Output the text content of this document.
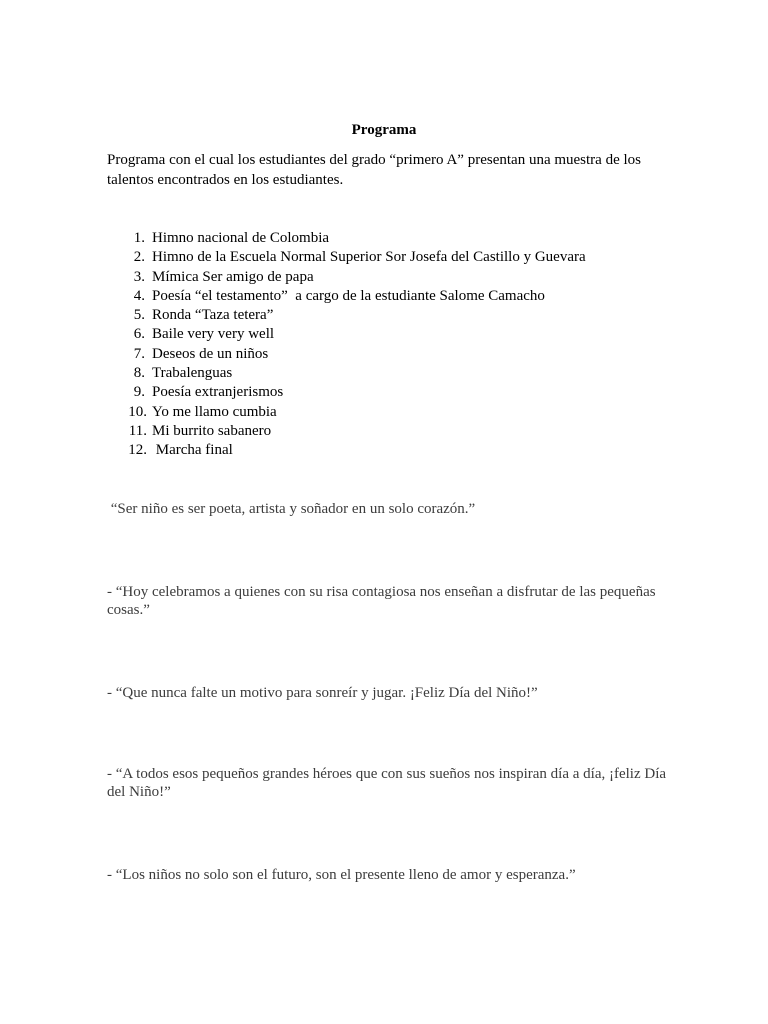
Programa
Programa con el cual los estudiantes del grado “primero A” presentan una muestra de los talentos encontrados en los estudiantes.
1. Himno nacional de Colombia
2. Himno de la Escuela Normal Superior Sor Josefa del Castillo y Guevara
3. Mímica Ser amigo de papa
4. Poesía “el testamento”  a cargo de la estudiante Salome Camacho
5. Ronda “Taza tetera”
6. Baile very very well
7. Deseos de un niños
8. Trabalenguas
9. Poesía extranjerismos
10. Yo me llamo cumbia
11. Mi burrito sabanero
12. Marcha final
“Ser niño es ser poeta, artista y soñador en un solo corazón.”
- “Hoy celebramos a quienes con su risa contagiosa nos enseñan a disfrutar de las pequeñas cosas.”
- “Que nunca falte un motivo para sonreír y jugar. ¡Feliz Día del Niño!”
- “A todos esos pequeños grandes héroes que con sus sueños nos inspiran día a día, ¡feliz Día del Niño!”
- “Los niños no solo son el futuro, son el presente lleno de amor y esperanza.”
